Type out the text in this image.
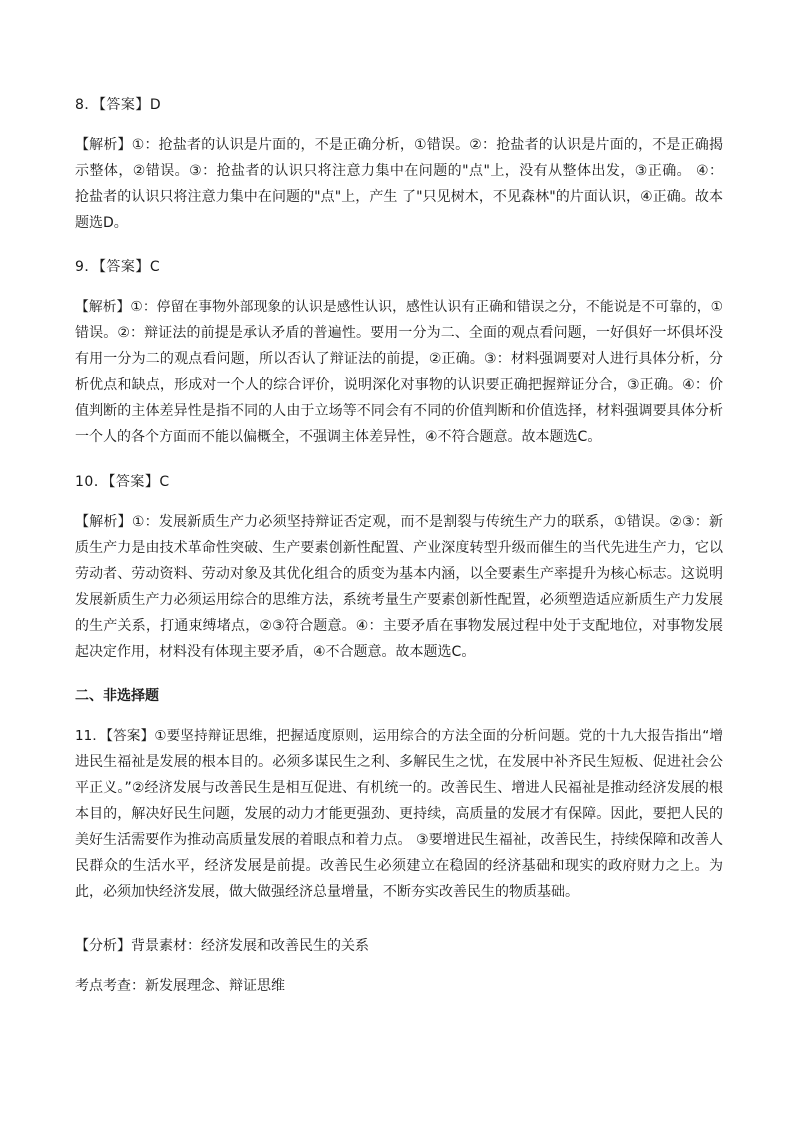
8．【答案】D
【解析】①：抢盐者的认识是片面的，不是正确分析，①错误。②：抢盐者的认识是片面的，不是正确揭
示整体，②错误。③：抢盐者的认识只将注意力集中在问题的"点"上，没有从整体出发，③正确。 ④：
抢盐者的认识只将注意力集中在问题的"点"上，产生 了"只见树木，不见森林"的片面认识，④正确。故本
题选D。
9．【答案】C
【解析】①：停留在事物外部现象的认识是感性认识，感性认识有正确和错误之分，不能说是不可靠的，①
错误。②：辩证法的前提是承认矛盾的普遍性。要用一分为二、全面的观点看问题，一好俱好一坏俱坏没
有用一分为二的观点看问题，所以否认了辩证法的前提，②正确。③：材料强调要对人进行具体分析，分
析优点和缺点，形成对一个人的综合评价，说明深化对事物的认识要正确把握辩证分合，③正确。④：价
值判断的主体差异性是指不同的人由于立场等不同会有不同的价值判断和价值选择，材料强调要具体分析
一个人的各个方面而不能以偏概全，不强调主体差异性，④不符合题意。故本题选C。
10．【答案】C
【解析】①：发展新质生产力必须坚持辩证否定观，而不是割裂与传统生产力的联系，①错误。②③：新
质生产力是由技术革命性突破、生产要素创新性配置、产业深度转型升级而催生的当代先进生产力，它以
劳动者、劳动资料、劳动对象及其优化组合的质变为基本内涵，以全要素生产率提升为核心标志。这说明
发展新质生产力必须运用综合的思维方法，系统考量生产要素创新性配置，必须塑造适应新质生产力发展
的生产关系，打通束缚堵点，②③符合题意。④：主要矛盾在事物发展过程中处于支配地位，对事物发展
起决定作用，材料没有体现主要矛盾，④不合题意。故本题选C。
二、非选择题
11．【答案】①要坚持辩证思维，把握适度原则，运用综合的方法全面的分析问题。党的十九大报告指出“增
进民生福祉是发展的根本目的。必须多谋民生之利、多解民生之忧，在发展中补齐民生短板、促进社会公
平正义。”②经济发展与改善民生是相互促进、有机统一的。改善民生、增进人民福祉是推动经济发展的根
本目的，解决好民生问题，发展的动力才能更强劲、更持续，高质量的发展才有保障。因此，要把人民的
美好生活需要作为推动高质量发展的着眼点和着力点。 ③要增进民生福祉，改善民生，持续保障和改善人
民群众的生活水平，经济发展是前提。改善民生必须建立在稳固的经济基础和现实的政府财力之上。为
此，必须加快经济发展，做大做强经济总量增量，不断夯实改善民生的物质基础。
【分析】背景素材：经济发展和改善民生的关系
考点考查：新发展理念、辩证思维
